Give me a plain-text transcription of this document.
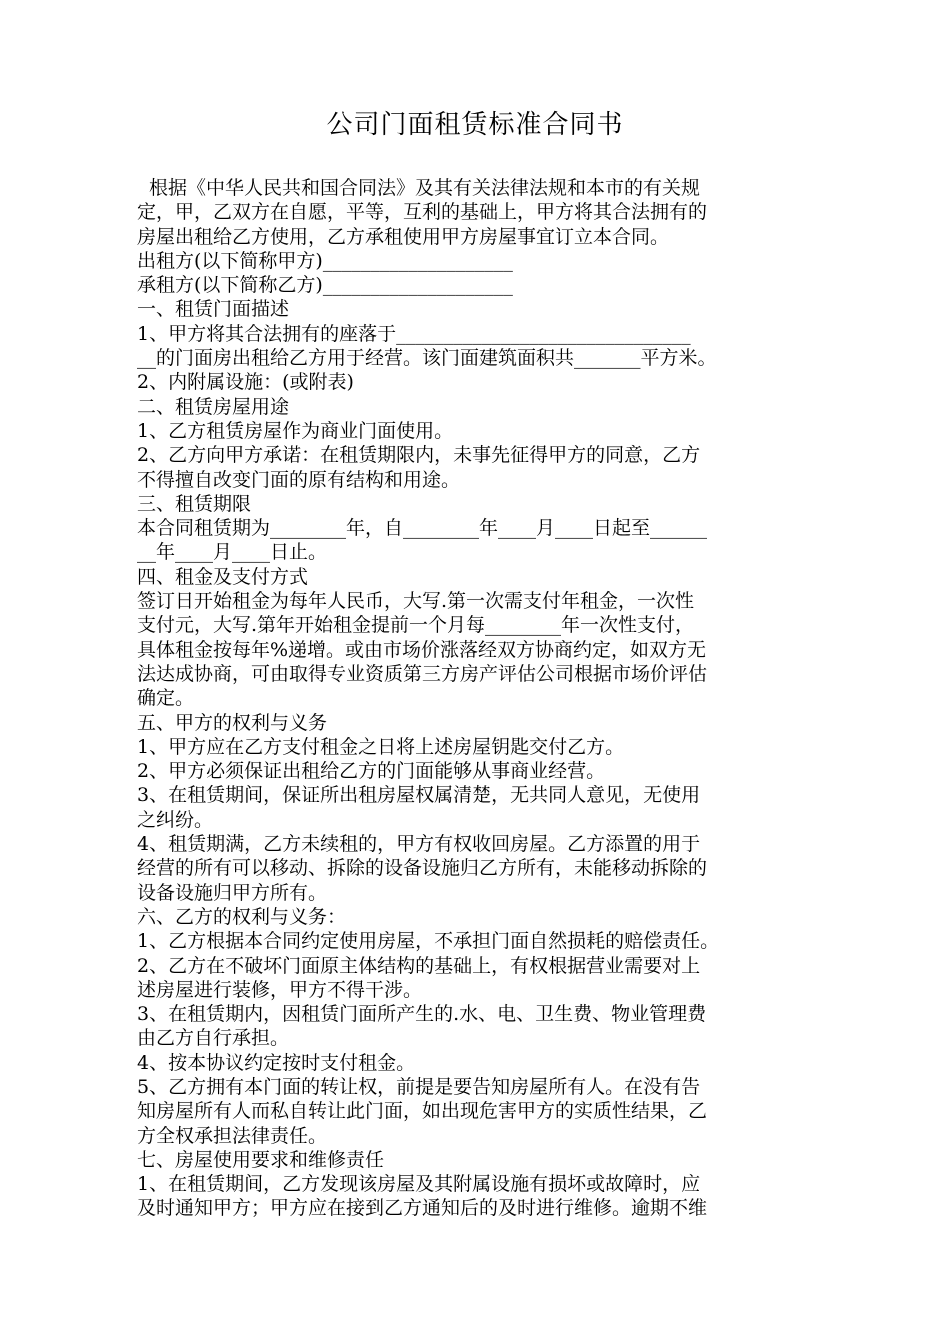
公司门面租赁标准合同书
根据《中华人民共和国合同法》及其有关法律法规和本市的有关规
定，甲，乙双方在自愿，平等，互利的基础上，甲方将其合法拥有的
房屋出租给乙方使用，乙方承租使用甲方房屋事宜订立本合同。
出租方(以下简称甲方)____________________
承租方(以下简称乙方)____________________
一、租赁门面描述
1、甲方将其合法拥有的座落于_______________________________
__的门面房出租给乙方用于经营。该门面建筑面积共_______平方米。
2、内附属设施：(或附表)
二、租赁房屋用途
1、乙方租赁房屋作为商业门面使用。
2、乙方向甲方承诺：在租赁期限内，未事先征得甲方的同意，乙方
不得擅自改变门面的原有结构和用途。
三、租赁期限
本合同租赁期为________年，自________年____月____日起至______
__年____月____日止。
四、租金及支付方式
签订日开始租金为每年人民币，大写.第一次需支付年租金，一次性
支付元，大写.第年开始租金提前一个月每________年一次性支付，
具体租金按每年%递增。或由市场价涨落经双方协商约定，如双方无
法达成协商，可由取得专业资质第三方房产评估公司根据市场价评估
确定。
五、甲方的权利与义务
1、甲方应在乙方支付租金之日将上述房屋钥匙交付乙方。
2、甲方必须保证出租给乙方的门面能够从事商业经营。
3、在租赁期间，保证所出租房屋权属清楚，无共同人意见，无使用
之纠纷。
4、租赁期满，乙方未续租的，甲方有权收回房屋。乙方添置的用于
经营的所有可以移动、拆除的设备设施归乙方所有，未能移动拆除的
设备设施归甲方所有。
六、乙方的权利与义务：
1、乙方根据本合同约定使用房屋，不承担门面自然损耗的赔偿责任。
2、乙方在不破坏门面原主体结构的基础上，有权根据营业需要对上
述房屋进行装修，甲方不得干涉。
3、在租赁期内，因租赁门面所产生的.水、电、卫生费、物业管理费
由乙方自行承担。
4、按本协议约定按时支付租金。
5、乙方拥有本门面的转让权，前提是要告知房屋所有人。在没有告
知房屋所有人而私自转让此门面，如出现危害甲方的实质性结果，乙
方全权承担法律责任。
七、房屋使用要求和维修责任
1、在租赁期间，乙方发现该房屋及其附属设施有损坏或故障时，应
及时通知甲方；甲方应在接到乙方通知后的及时进行维修。逾期不维
